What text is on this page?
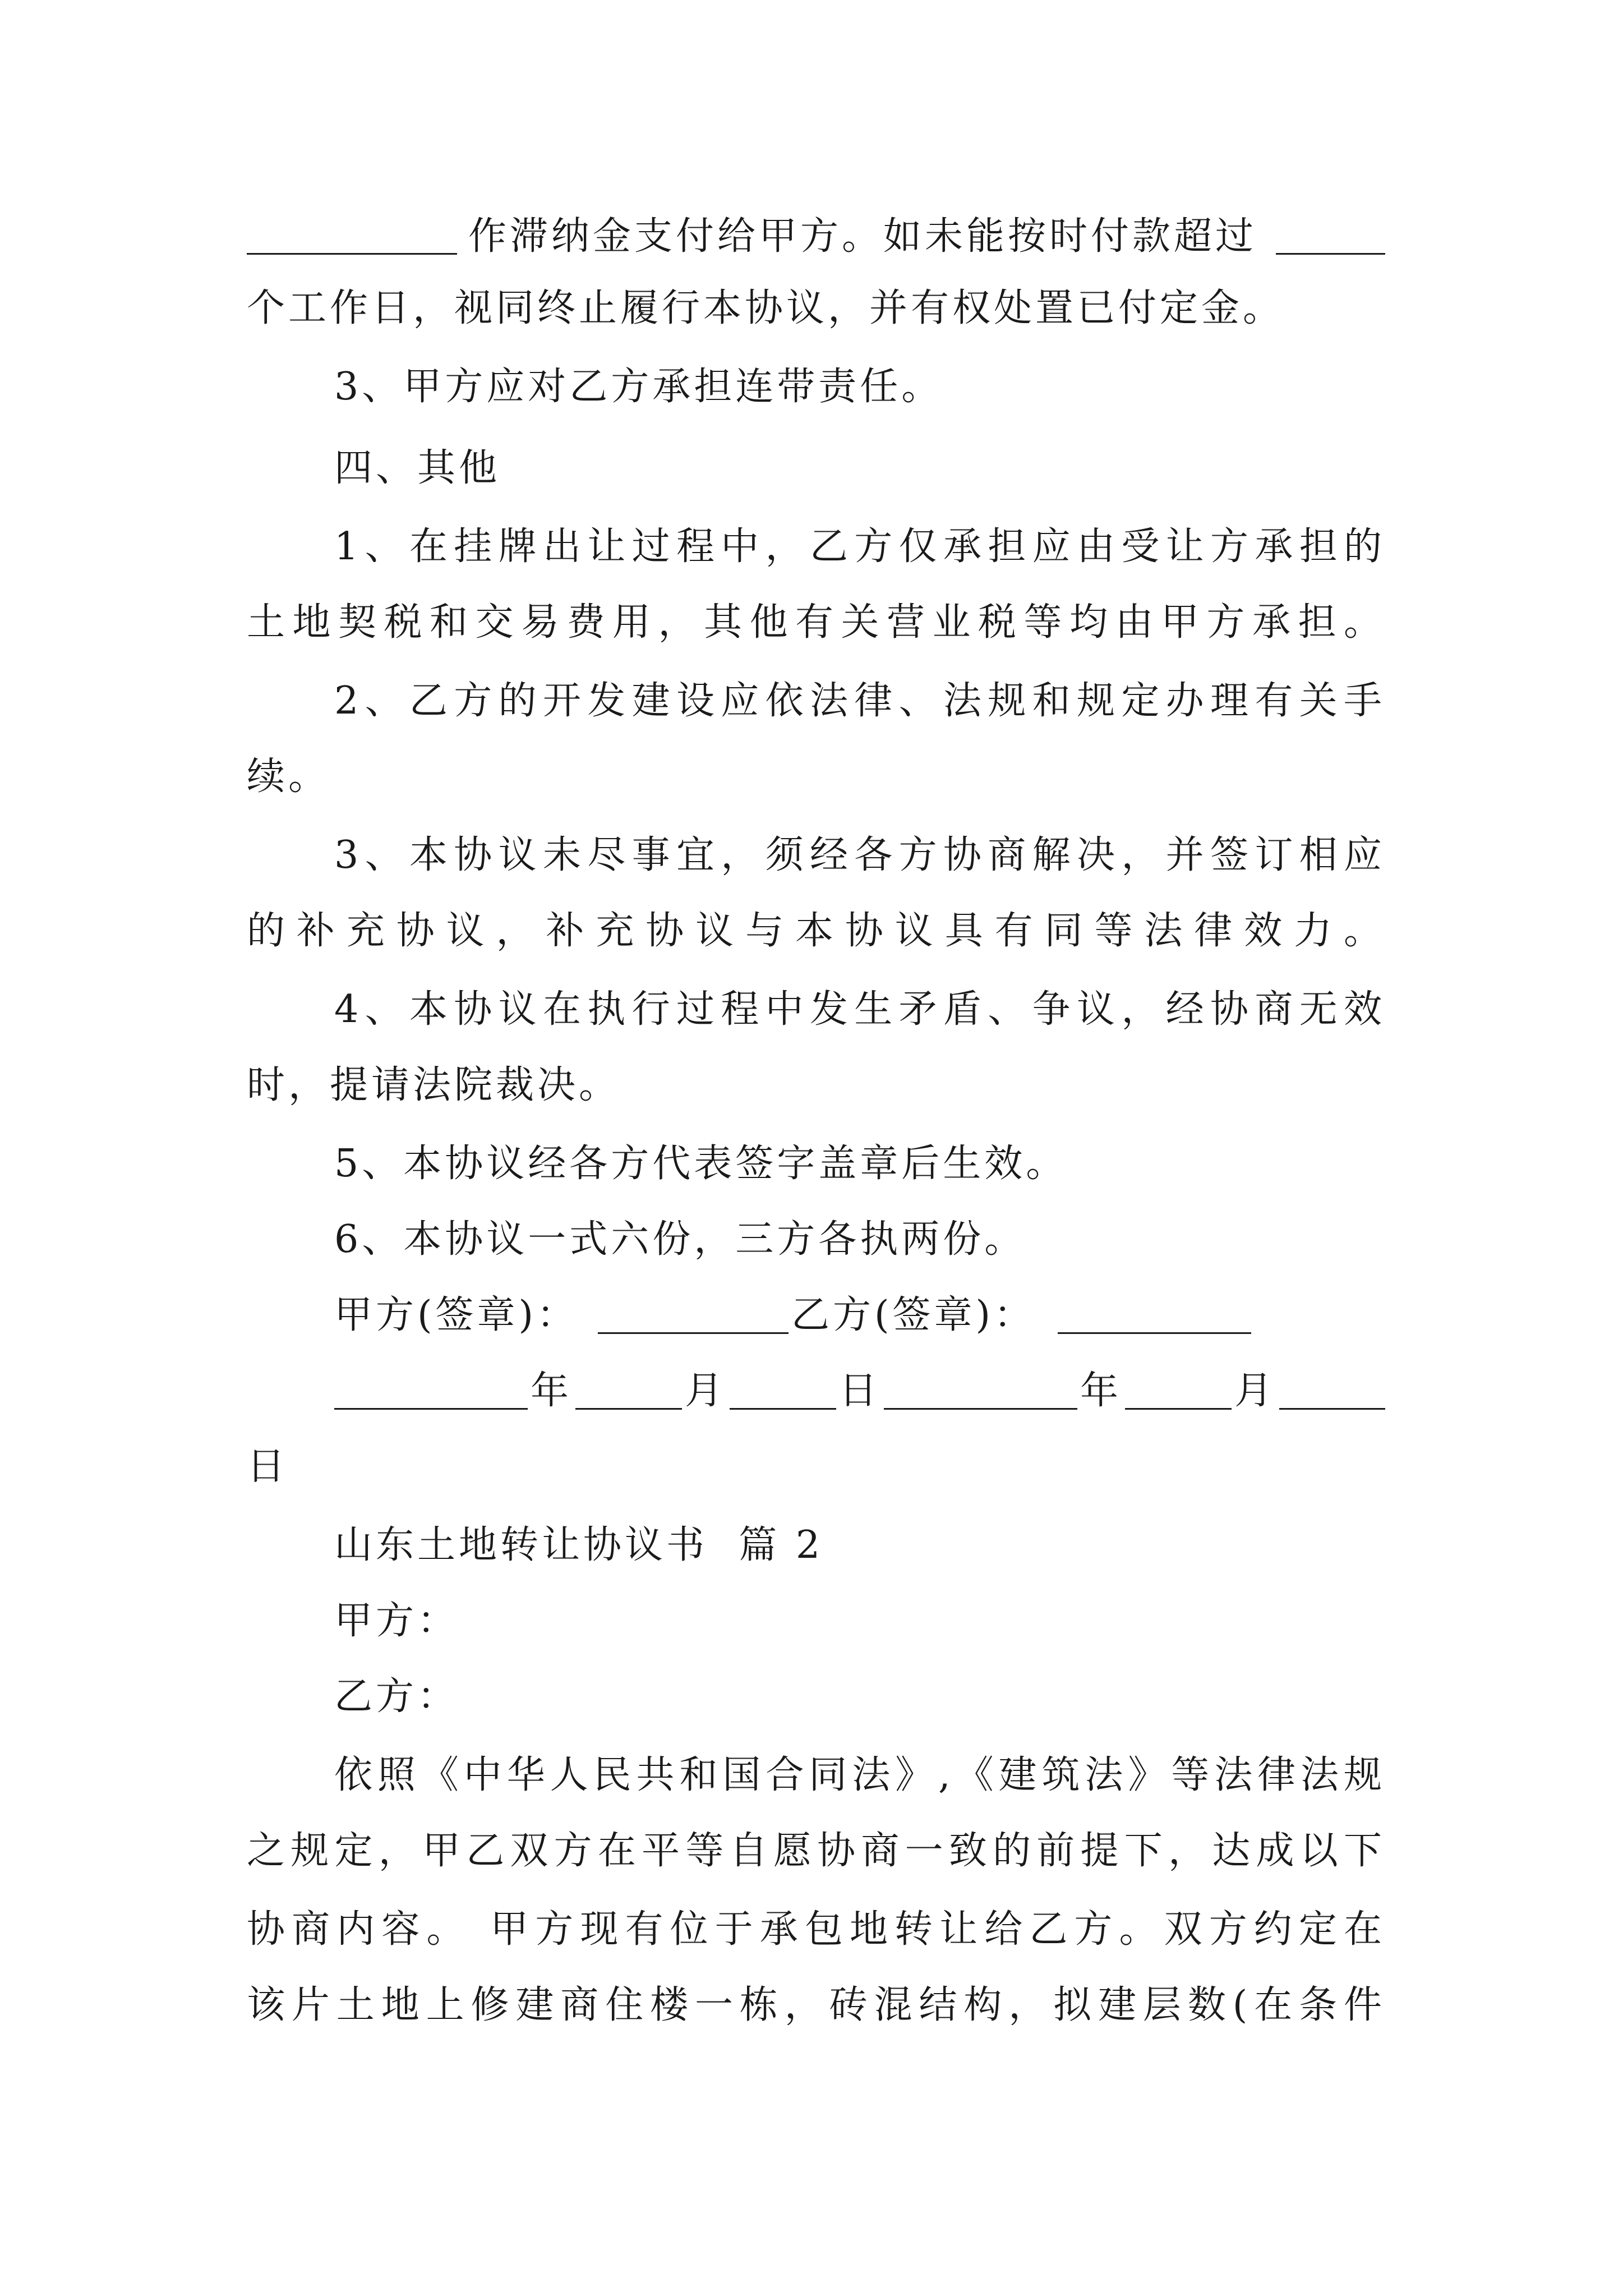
作滞纳金支付给甲方。如未能按时付款超过
个工作日，视同终止履行本协议，并有权处置已付定金。
3、甲方应对乙方承担连带责任。
四、其他
1、在挂牌出让过程中，乙方仅承担应由受让方承担的
土地契税和交易费用，其他有关营业税等均由甲方承担。
2、乙方的开发建设应依法律、法规和规定办理有关手
续。
3、本协议未尽事宜，须经各方协商解决，并签订相应
的补充协议，补充协议与本协议具有同等法律效力。
4、本协议在执行过程中发生矛盾、争议，经协商无效
时，提请法院裁决。
5、本协议经各方代表签字盖章后生效。
6、本协议一式六份，三方各执两份。
甲方(签章)：	乙方(签章)：
年	月	日	年	月
日
山东土地转让协议书  篇 2
甲方：
乙方：
依照《中华人民共和国合同法》,《建筑法》等法律法规
之规定，甲乙双方在平等自愿协商一致的前提下，达成以下
协商内容。 甲方现有位于承包地转让给乙方。双方约定在
该片土地上修建商住楼一栋，砖混结构，拟建层数(在条件
